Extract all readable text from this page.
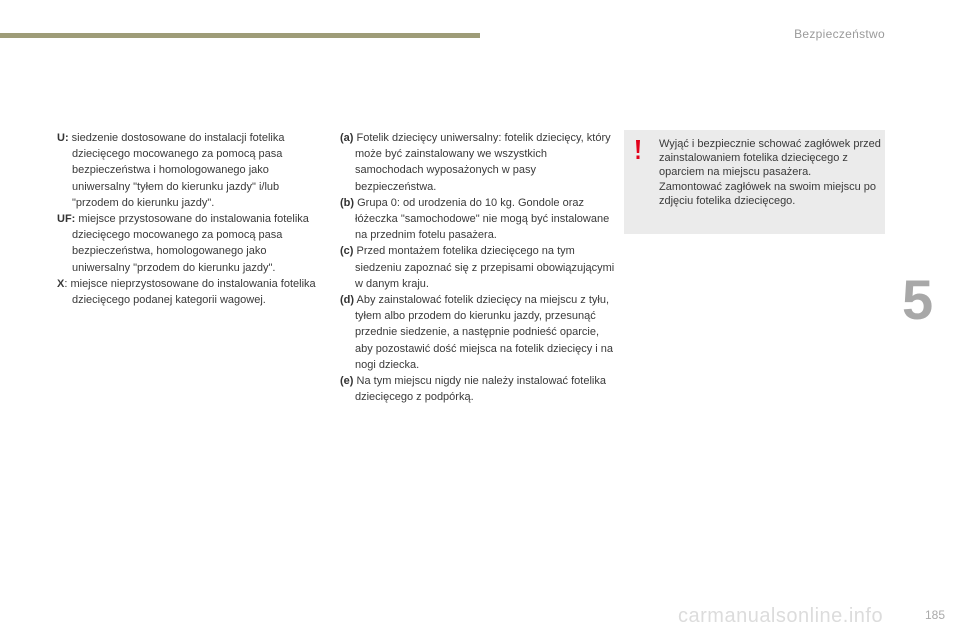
Bezpieczeństwo
U: siedzenie dostosowane do instalacji fotelika dziecięcego mocowanego za pomocą pasa bezpieczeństwa i homologowanego jako uniwersalny "tyłem do kierunku jazdy" i/lub "przodem do kierunku jazdy".
UF: miejsce przystosowane do instalowania fotelika dziecięcego mocowanego za pomocą pasa bezpieczeństwa, homologowanego jako uniwersalny "przodem do kierunku jazdy".
X: miejsce nieprzystosowane do instalowania fotelika dziecięcego podanej kategorii wagowej.
(a) Fotelik dziecięcy uniwersalny: fotelik dziecięcy, który może być zainstalowany we wszystkich samochodach wyposażonych w pasy bezpieczeństwa.
(b) Grupa 0: od urodzenia do 10 kg. Gondole oraz łóżeczka "samochodowe" nie mogą być instalowane na przednim fotelu pasażera.
(c) Przed montażem fotelika dziecięcego na tym siedzeniu zapoznać się z przepisami obowiązującymi w danym kraju.
(d) Aby zainstalować fotelik dziecięcy na miejscu z tyłu, tyłem albo przodem do kierunku jazdy, przesunąć przednie siedzenie, a następnie podnieść oparcie, aby pozostawić dość miejsca na fotelik dziecięcy i na nogi dziecka.
(e) Na tym miejscu nigdy nie należy instalować fotelika dziecięcego z podpórką.
Wyjąć i bezpiecznie schować zagłówek przed zainstalowaniem fotelika dziecięcego z oparciem na miejscu pasażera.
Zamontować zagłówek na swoim miejscu po zdjęciu fotelika dziecięcego.
5
carmanualsonline.info	185
